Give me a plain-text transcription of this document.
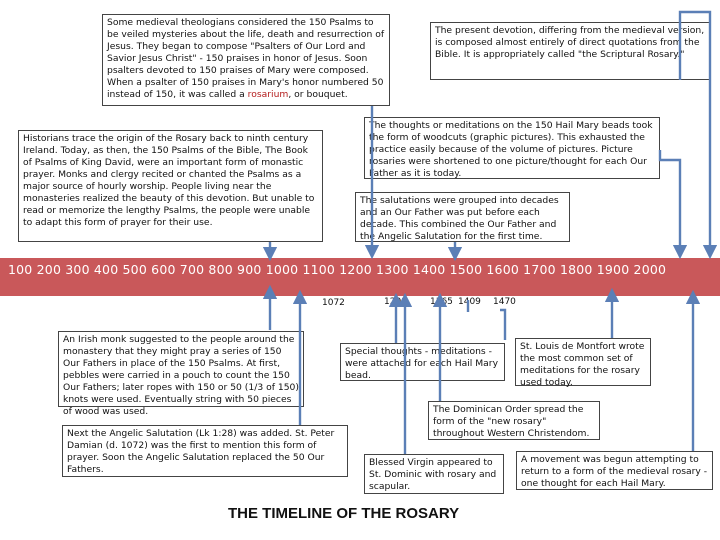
100 200 300 400 500 600 700 800 900 1000 1100 1200 1300 1400 1500 1600 1700 1800 1900 2000
1072	1208	1365 1409 1470
Some medieval theologians considered the 150 Psalms to be veiled mysteries about the life, death and resurrection of Jesus. They began to compose "Psalters of Our Lord and Savior Jesus Christ" - 150 praises in honor of Jesus. Soon psalters devoted to 150 praises of Mary were composed. When a psalter of 150 praises in Mary's honor numbered 50 instead of 150, it was called a rosarium, or bouquet.
The present devotion, differing from the medieval version, is composed almost entirely of direct quotations from the Bible. It is appropriately called "the Scriptural Rosary."
Historians trace the origin of the Rosary back to ninth century Ireland. Today, as then, the 150 Psalms of the Bible, The Book of Psalms of King David, were an important form of monastic prayer. Monks and clergy recited or chanted the Psalms as a major source of hourly worship. People living near the monasteries realized the beauty of this devotion. But unable to read or memorize the lengthy Psalms, the people were unable to adapt this form of prayer for their use.
The thoughts or meditations on the 150 Hail Mary beads took the form of woodcuts (graphic pictures). This exhausted the practice easily because of the volume of pictures. Picture rosaries were shortened to one picture/thought for each Our Father as it is today.
The salutations were grouped into decades and an Our Father was put before each decade. This combined the Our Father and the Angelic Salutation for the first time.
An Irish monk suggested to the people around the monastery that they might pray a series of 150 Our Fathers in place of the 150 Psalms. At first, pebbles were carried in a pouch to count the 150 Our Fathers; later ropes with 150 or 50 (1/3 of 150) knots were used. Eventually string with 50 pieces of wood was used.
Special thoughts - meditations - were attached for each Hail Mary bead.
St. Louis de Montfort wrote the most common set of meditations for the rosary used today.
The Dominican Order spread the form of the "new rosary" throughout Western Christendom.
Next the Angelic Salutation (Lk 1:28) was added. St. Peter Damian (d. 1072) was the first to mention this form of prayer. Soon the Angelic Salutation replaced the 50 Our Fathers.
Blessed Virgin appeared to St. Dominic with rosary and scapular.
A movement was begun attempting to return to a form of the medieval rosary - one thought for each Hail Mary.
THE TIMELINE OF THE ROSARY
